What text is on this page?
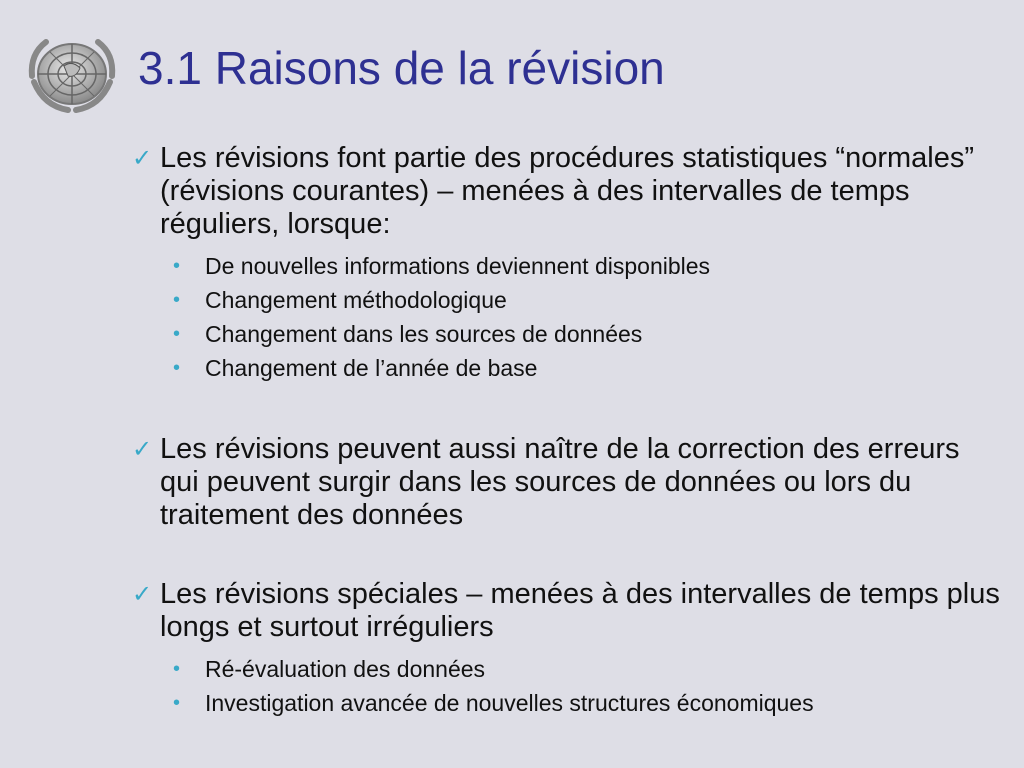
3.1 Raisons de la révision
✓ Les révisions font partie des procédures statistiques “normales” (révisions courantes) – menées à des intervalles de temps réguliers, lorsque:
•	De nouvelles informations deviennent disponibles
•	Changement méthodologique
•	Changement dans les sources de données
•	Changement de l’année de base
✓ Les révisions peuvent aussi naître de la correction des erreurs qui peuvent surgir dans les sources de données ou lors du traitement des données
✓ Les révisions spéciales – menées à des intervalles de temps plus longs et surtout irréguliers
•	Ré-évaluation des données
•	Investigation avancée de nouvelles structures économiques
